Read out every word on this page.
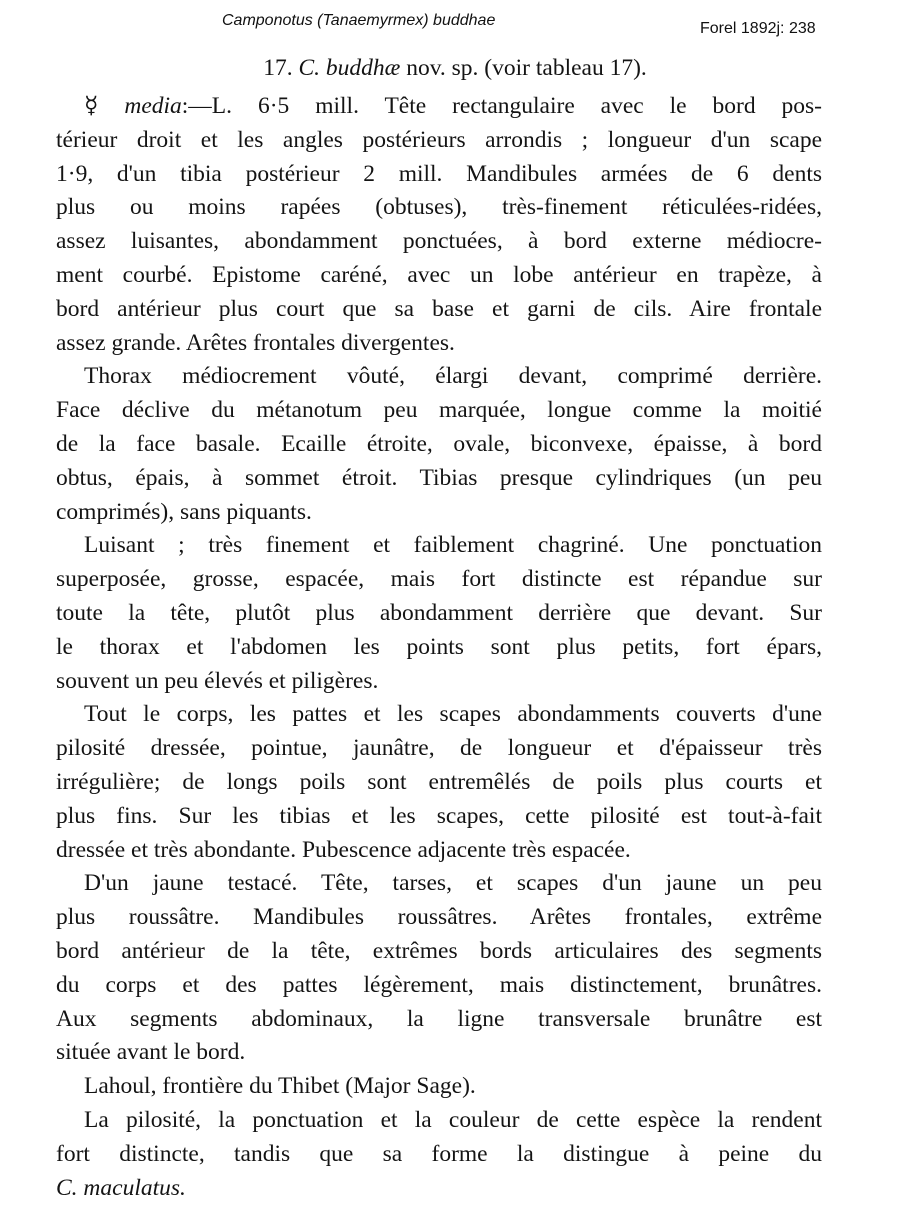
Camponotus (Tanaemyrmex) buddhae	Forel 1892j: 238
17. C. buddhæ nov. sp. (voir tableau 17).
☿ media:—L. 6·5 mill. Tête rectangulaire avec le bord pos-
térieur droit et les angles postérieurs arrondis ; longueur d'un scape
1·9, d'un tibia postérieur 2 mill. Mandibules armées de 6 dents
plus ou moins rapées (obtuses), très-finement réticulées-ridées,
assez luisantes, abondamment ponctuées, à bord externe médiocre-
ment courbé. Epistome caréné, avec un lobe antérieur en trapèze, à
bord antérieur plus court que sa base et garni de cils. Aire frontale
assez grande. Arêtes frontales divergentes.
Thorax médiocrement vôuté, élargi devant, comprimé derrière.
Face déclive du métanotum peu marquée, longue comme la moitié
de la face basale. Ecaille étroite, ovale, biconvexe, épaisse, à bord
obtus, épais, à sommet étroit. Tibias presque cylindriques (un peu
comprimés), sans piquants.
Luisant ; très finement et faiblement chagriné. Une ponctuation
superposée, grosse, espacée, mais fort distincte est répandue sur
toute la tête, plutôt plus abondamment derrière que devant. Sur
le thorax et l'abdomen les points sont plus petits, fort épars,
souvent un peu élevés et piligères.
Tout le corps, les pattes et les scapes abondamments couverts d'une
pilosité dressée, pointue, jaunâtre, de longueur et d'épaisseur très
irrégulière; de longs poils sont entremêlés de poils plus courts et
plus fins. Sur les tibias et les scapes, cette pilosité est tout-à-fait
dressée et très abondante. Pubescence adjacente très espacée.
D'un jaune testacé. Tête, tarses, et scapes d'un jaune un peu
plus roussâtre. Mandibules roussâtres. Arêtes frontales, extrême
bord antérieur de la tête, extrêmes bords articulaires des segments
du corps et des pattes légèrement, mais distinctement, brunâtres.
Aux segments abdominaux, la ligne transversale brunâtre est
située avant le bord.
Lahoul, frontière du Thibet (Major Sage).
La pilosité, la ponctuation et la couleur de cette espèce la rendent
fort distincte, tandis que sa forme la distingue à peine du
C. maculatus.
